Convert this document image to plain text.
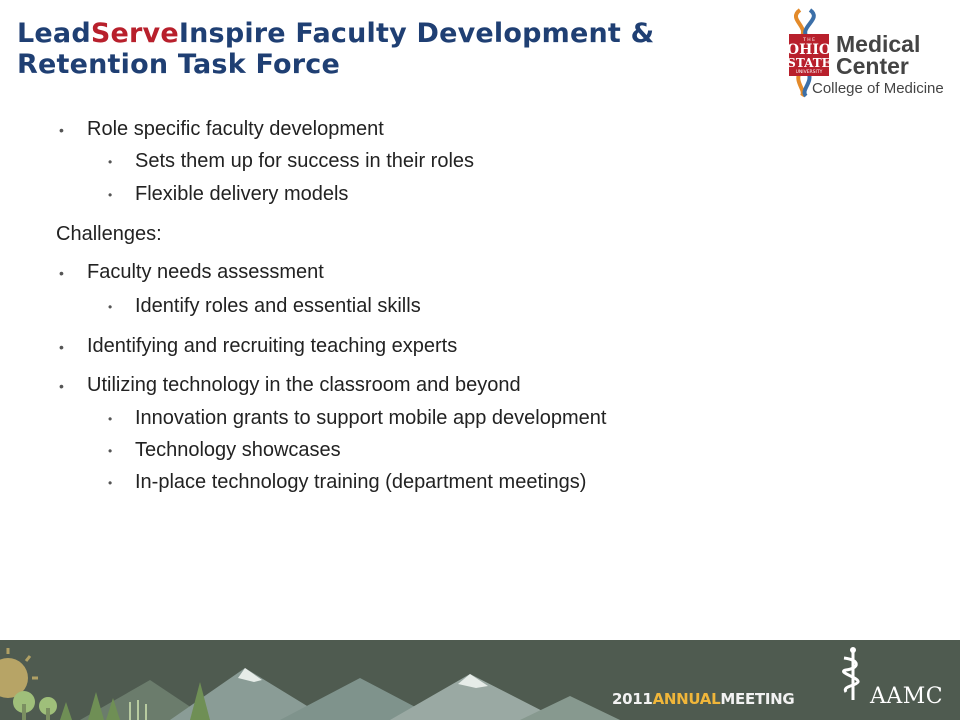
LeadServeInspire Faculty Development & Retention Task Force
T H E
OHIO
STATE
UNIVERSITY
Medical
Center
College of Medicine
• Role specific faculty development
• Sets them up for success in their roles
• Flexible delivery models
Challenges:
• Faculty needs assessment
• Identify roles and essential skills
• Identifying and recruiting teaching experts
• Utilizing technology in the classroom and beyond
• Innovation grants to support mobile app development
• Technology showcases
• In-place technology training (department meetings)
2011ANNUALMEETING	AAMC
